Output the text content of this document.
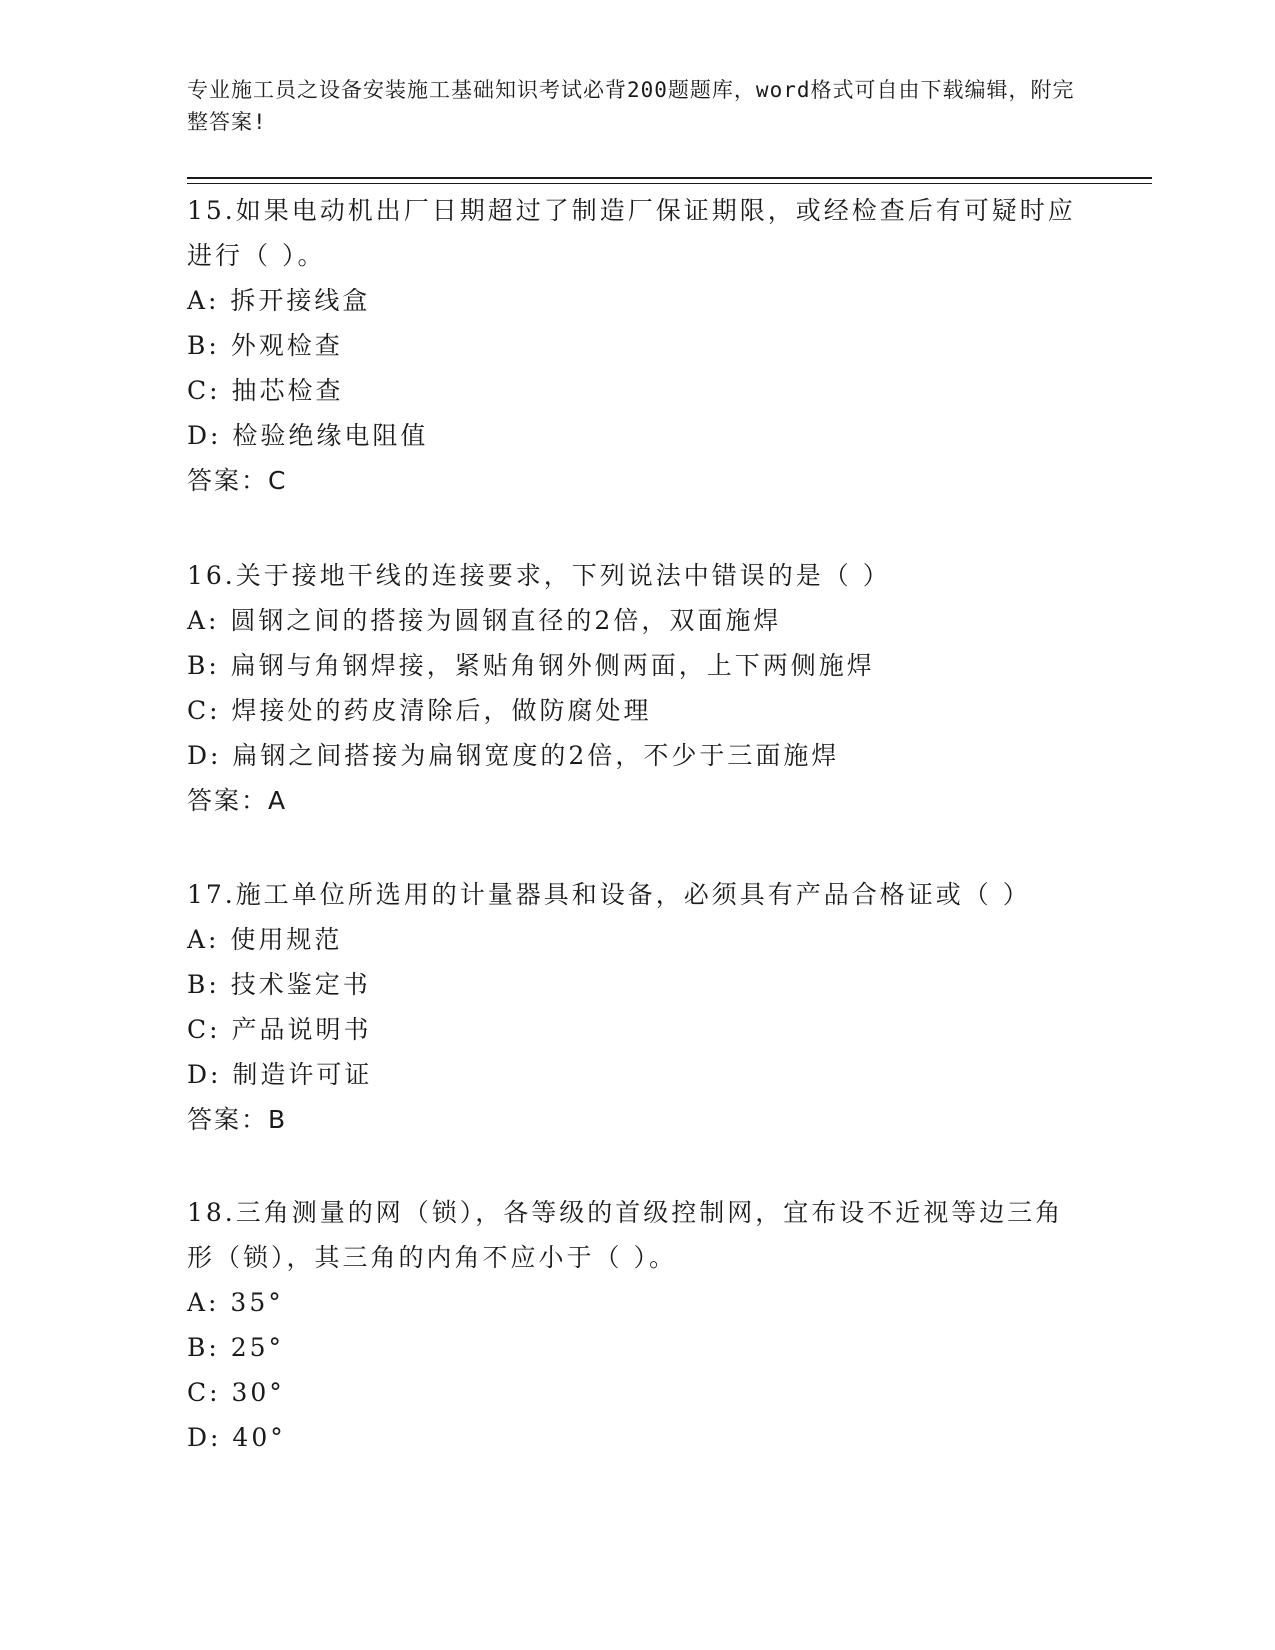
专业施工员之设备安装施工基础知识考试必背200题题库，word格式可自由下载编辑，附完整答案!
15.如果电动机出厂日期超过了制造厂保证期限，或经检查后有可疑时应进行（ ）。
A: 拆开接线盒
B: 外观检查
C: 抽芯检查
D: 检验绝缘电阻值
答案：C
16.关于接地干线的连接要求，下列说法中错误的是（ ）
A: 圆钢之间的搭接为圆钢直径的2倍，双面施焊
B: 扁钢与角钢焊接，紧贴角钢外侧两面，上下两侧施焊
C: 焊接处的药皮清除后，做防腐处理
D: 扁钢之间搭接为扁钢宽度的2倍，不少于三面施焊
答案：A
17.施工单位所选用的计量器具和设备，必须具有产品合格证或（ ）
A: 使用规范
B: 技术鉴定书
C: 产品说明书
D: 制造许可证
答案：B
18.三角测量的网（锁），各等级的首级控制网，宜布设不近视等边三角形（锁），其三角的内角不应小于（ ）。
A: 35°
B: 25°
C: 30°
D: 40°
